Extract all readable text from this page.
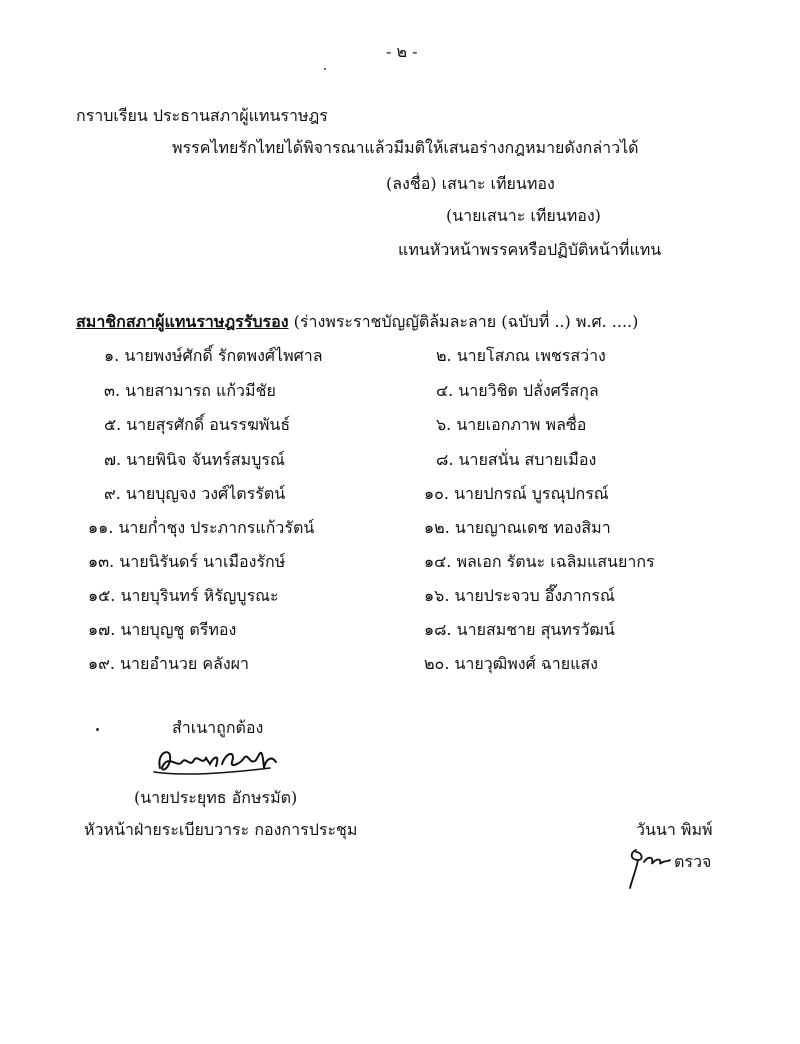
- ๒ -
กราบเรียน ประธานสภาผู้แทนราษฎร
พรรคไทยรักไทยได้พิจารณาแล้วมีมติให้เสนอร่างกฎหมายดังกล่าวได้
(ลงชื่อ) เสนาะ เทียนทอง
(นายเสนาะ เทียนทอง)
แทนหัวหน้าพรรคหรือปฏิบัติหน้าที่แทน
สมาชิกสภาผู้แทนราษฎรรับรอง (ร่างพระราชบัญญัติล้มละลาย (ฉบับที่ ..) พ.ศ. ....)
๑. นายพงษ์ศักดิ์ รักตพงศ์ไพศาล
๓. นายสามารถ แก้วมีชัย
๕. นายสุรศักดิ์ อนรรฆพันธ์
๗. นายพินิจ จันทร์สมบูรณ์
๙. นายบุญจง วงศ์ไตรรัตน์
๑๑. นายก่ำชุง ประภากรแก้วรัตน์
๑๓. นายนิรันดร์ นาเมืองรักษ์
๑๕. นายบุรินทร์ หิรัญบูรณะ
๑๗. นายบุญชู ตรีทอง
๑๙. นายอำนวย คลังผา
๒. นายโสภณ เพชรสว่าง
๔. นายวิชิต ปลั่งศรีสกุล
๖. นายเอกภาพ พลซื่อ
๘. นายสนั่น สบายเมือง
๑๐. นายปกรณ์ บูรณุปกรณ์
๑๒. นายญาณเดช ทองสิมา
๑๔. พลเอก รัตนะ เฉลิมแสนยากร
๑๖. นายประจวบ อึ๊งภากรณ์
๑๘. นายสมชาย สุนทรวัฒน์
๒๐. นายวุฒิพงศ์ ฉายแสง
สำเนาถูกต้อง
(นายประยุทธ อักษรมัต)
หัวหน้าฝ่ายระเบียบวาระ กองการประชุม	วันนา พิมพ์
ตรวจ
